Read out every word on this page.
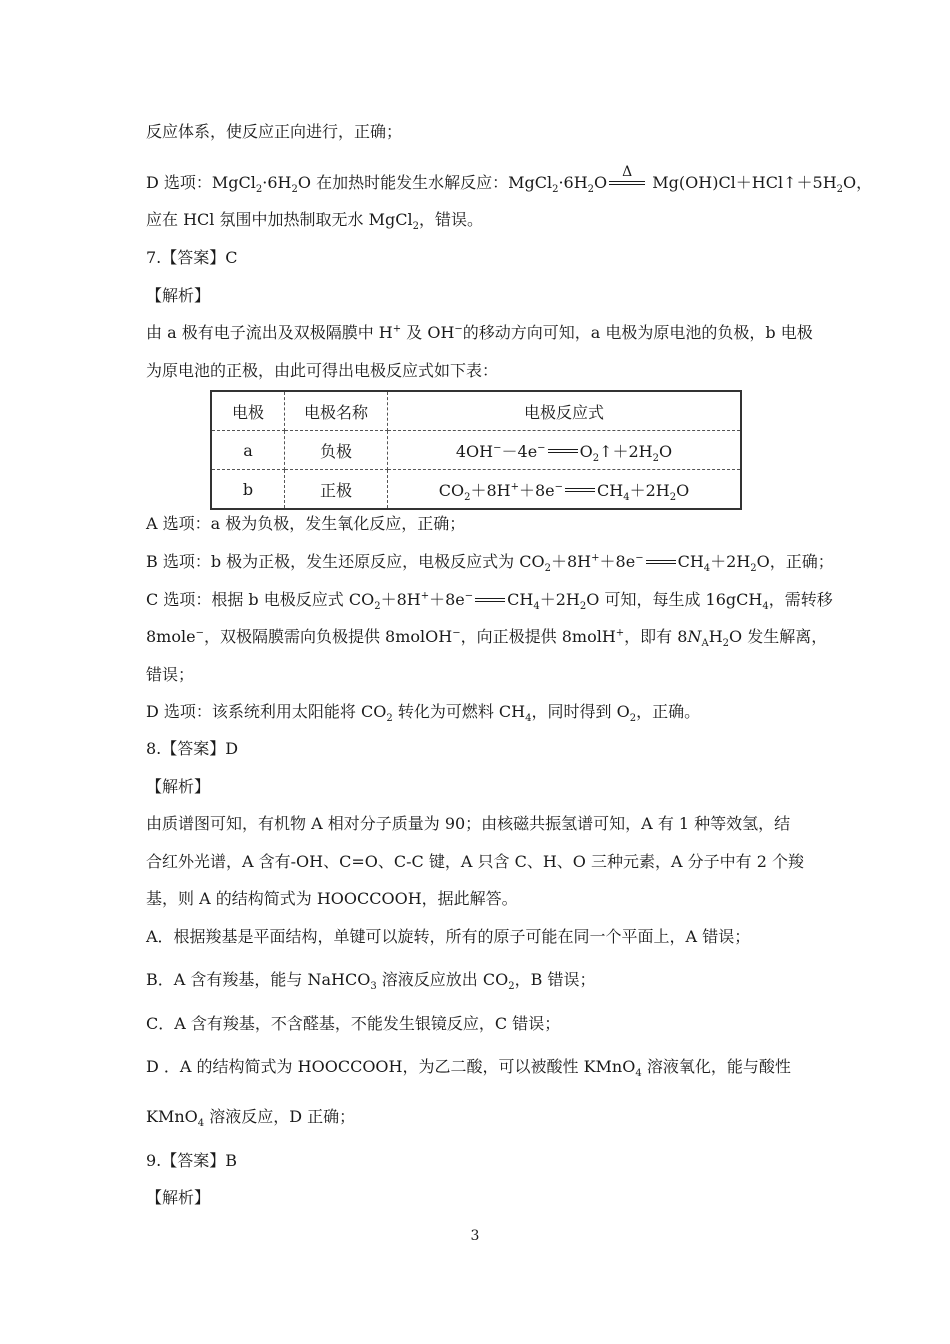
反应体系，使反应正向进行，正确；
D 选项：$MgCl_2\cdot 6H_2O$ 在加热时能发生水解反应：$MgCl_2\cdot 6H_2O$
Δ
$Mg(OH)Cl+HCl↑+5H_2O$，
应在 HCl 氛围中加热制取无水 MgCl$_2$，错误。
7.【答案】C
【解析】
由 a 极有电子流出及双极隔膜中 H+ 及 OH−的移动方向可知，a 电极为原电池的负极，b 电极
为原电池的正极，由此可得出电极反应式如下表：
电极	电极名称	电极反应式
a	负极	4OH−－4e− $O_2↑+2H_2O$
b	正极	$CO_2+8H^++8e^-$ $CH_4+2H_2O$
A 选项：a 极为负极，发生氧化反应，正确；
B 选项：b 极为正极，发生还原反应，电极反应式为 $CO_2+8H^++8e^-$ $CH_4+2H_2O$，正确；
C 选项：根据 b 电极反应式 $CO_2+8H^++8e^-$ $CH_4+2H_2O$ 可知，每生成 16gCH$_4$，需转移
8mole−，双极隔膜需向负极提供 8molOH−，向正极提供 8molH+，即有 $8N_AH_2O$ 发生解离，
错误；
D 选项：该系统利用太阳能将 $CO_2$ 转化为可燃料 $CH_4$，同时得到 $O_2$，正确。
8.【答案】D
【解析】
由质谱图可知，有机物 A 相对分子质量为 90；由核磁共振氢谱可知，A 有 1 种等效氢，结
合红外光谱，A 含有-OH、C=O、C-C 键，A 只含 C、H、O 三种元素，A 分子中有 2 个羧
基，则 A 的结构简式为 HOOCCOOH，据此解答。
A．根据羧基是平面结构，单键可以旋转，所有的原子可能在同一个平面上，A 错误；
B．A 含有羧基，能与 NaHCO$_3$ 溶液反应放出 $CO_2$，B 错误；
C．A 含有羧基，不含醛基，不能发生银镜反应，C 错误；
D ．A 的结构简式为 HOOCCOOH，为乙二酸，可以被酸性 KMnO$_4$ 溶液氧化，能与酸性
KMnO$_4$ 溶液反应，D 正确；
9.【答案】B
【解析】
3
